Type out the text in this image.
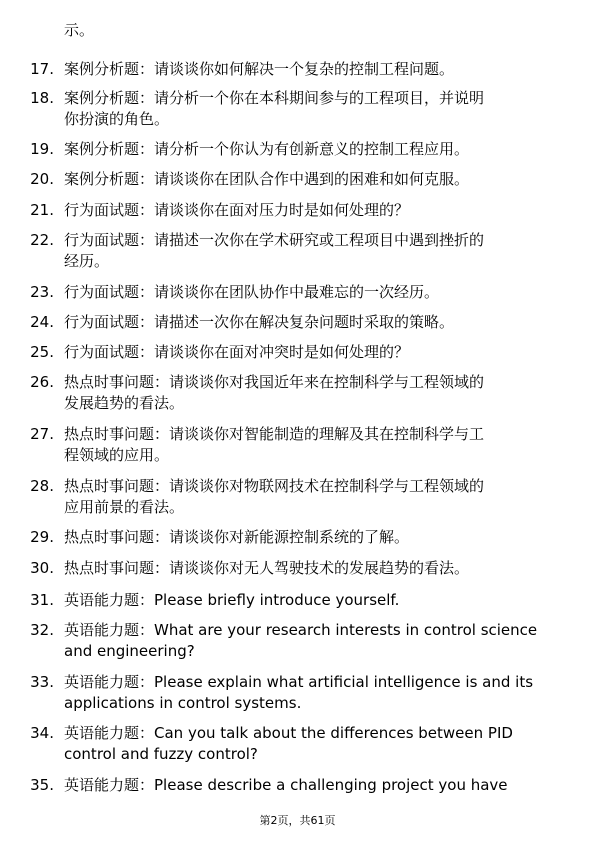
示。
17. 案例分析题：请谈谈你如何解决一个复杂的控制工程问题。
18. 案例分析题：请分析一个你在本科期间参与的工程项目，并说明
你扮演的角色。
19. 案例分析题：请分析一个你认为有创新意义的控制工程应用。
20. 案例分析题：请谈谈你在团队合作中遇到的困难和如何克服。
21. 行为面试题：请谈谈你在面对压力时是如何处理的？
22. 行为面试题：请描述一次你在学术研究或工程项目中遇到挫折的
经历。
23. 行为面试题：请谈谈你在团队协作中最难忘的一次经历。
24. 行为面试题：请描述一次你在解决复杂问题时采取的策略。
25. 行为面试题：请谈谈你在面对冲突时是如何处理的？
26. 热点时事问题：请谈谈你对我国近年来在控制科学与工程领域的
发展趋势的看法。
27. 热点时事问题：请谈谈你对智能制造的理解及其在控制科学与工
程领域的应用。
28. 热点时事问题：请谈谈你对物联网技术在控制科学与工程领域的
应用前景的看法。
29. 热点时事问题：请谈谈你对新能源控制系统的了解。
30. 热点时事问题：请谈谈你对无人驾驶技术的发展趋势的看法。
31. 英语能力题：Please briefly introduce yourself.
32. 英语能力题：What are your research interests in control science
and engineering?
33. 英语能力题：Please explain what artificial intelligence is and its
applications in control systems.
34. 英语能力题：Can you talk about the differences between PID
control and fuzzy control?
35. 英语能力题：Please describe a challenging project you have
第2页，共61页
